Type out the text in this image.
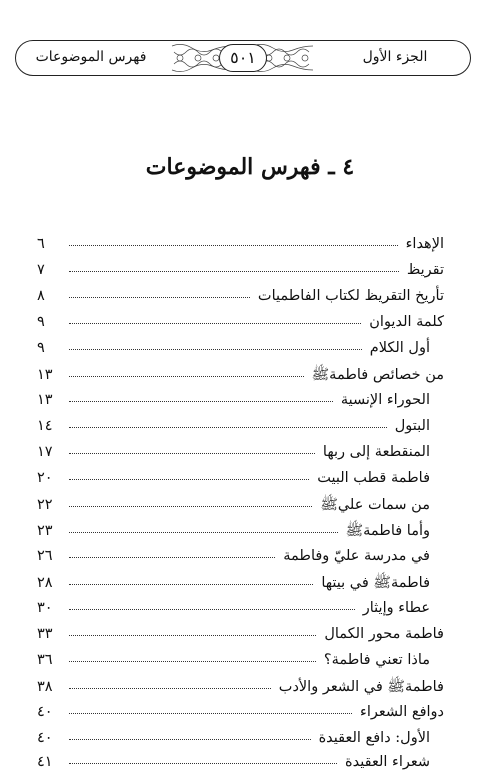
فهرس الموضوعات	الجزء الأول
٥٠١
٤ ـ فهرس الموضوعات
الإهداء
٦
تقريظ
٧
تأريخ التقريظ لكتاب الفاطميات
٨
كلمة الديوان
٩
أول الكلام
٩
من خصائص فاطمةﷺ
١٣
الحوراء الإنسية
١٣
البتول
١٤
المنقطعة إلى ربها
١٧
فاطمة قطب البيت
٢٠
من سمات عليﷺ
٢٢
وأما فاطمةﷺ
٢٣
في مدرسة عليّ وفاطمة
٢٦
فاطمةﷺ في بيتها
٢٨
عطاء وإيثار
٣٠
فاطمة محور الكمال
٣٣
ماذا تعني فاطمة؟
٣٦
فاطمةﷺ في الشعر والأدب
٣٨
دوافع الشعراء
٤٠
الأول: دافع العقيدة
٤٠
شعراء العقيدة
٤١
